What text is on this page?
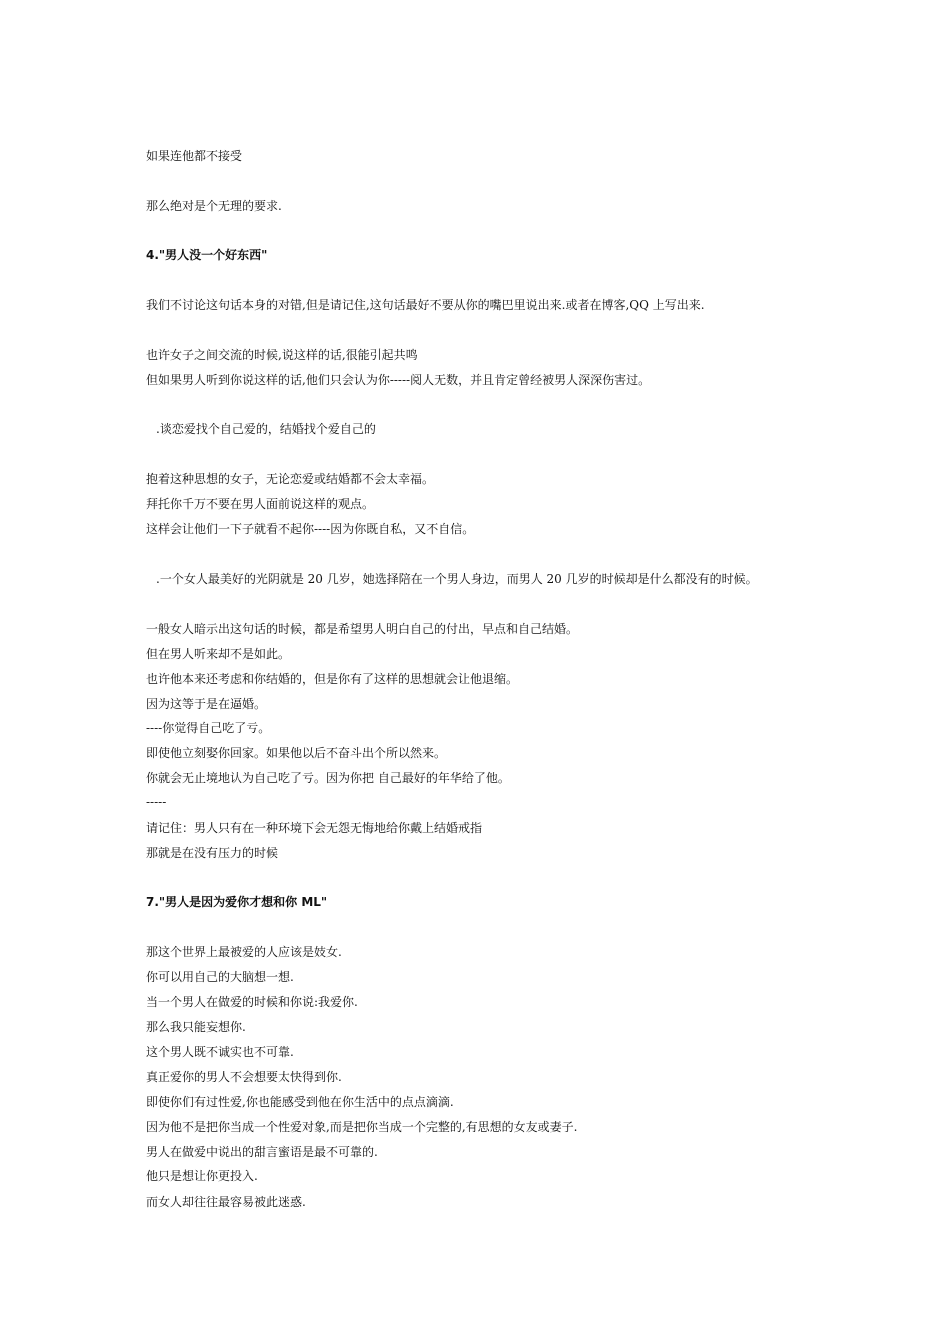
如果连他都不接受
那么绝对是个无理的要求.
4."男人没一个好东西"
我们不讨论这句话本身的对错,但是请记住,这句话最好不要从你的嘴巴里说出来.或者在博客,QQ 上写出来.
也许女子之间交流的时候,说这样的话,很能引起共鸣
但如果男人听到你说这样的话,他们只会认为你-----阅人无数，并且肯定曾经被男人深深伤害过。
.谈恋爱找个自己爱的，结婚找个爱自己的
抱着这种思想的女子，无论恋爱或结婚都不会太幸福。
拜托你千万不要在男人面前说这样的观点。
这样会让他们一下子就看不起你----因为你既自私，又不自信。
.一个女人最美好的光阴就是 20 几岁，她选择陪在一个男人身边，而男人 20 几岁的时候却是什么都没有的时候。
一般女人暗示出这句话的时候，都是希望男人明白自己的付出，早点和自己结婚。
但在男人听来却不是如此。
也许他本来还考虑和你结婚的，但是你有了这样的思想就会让他退缩。
因为这等于是在逼婚。
----你觉得自己吃了亏。
即使他立刻娶你回家。如果他以后不奋斗出个所以然来。
你就会无止境地认为自己吃了亏。因为你把 自己最好的年华给了他。
-----
请记住：男人只有在一种环境下会无怨无悔地给你戴上结婚戒指
那就是在没有压力的时候
7."男人是因为爱你才想和你 ML"
那这个世界上最被爱的人应该是妓女.
你可以用自己的大脑想一想.
当一个男人在做爱的时候和你说:我爱你.
那么我只能妄想你.
这个男人既不诚实也不可靠.
真正爱你的男人不会想要太快得到你.
即使你们有过性爱,你也能感受到他在你生活中的点点滴滴.
因为他不是把你当成一个性爱对象,而是把你当成一个完整的,有思想的女友或妻子.
男人在做爱中说出的甜言蜜语是最不可靠的.
他只是想让你更投入.
而女人却往往最容易被此迷惑.
